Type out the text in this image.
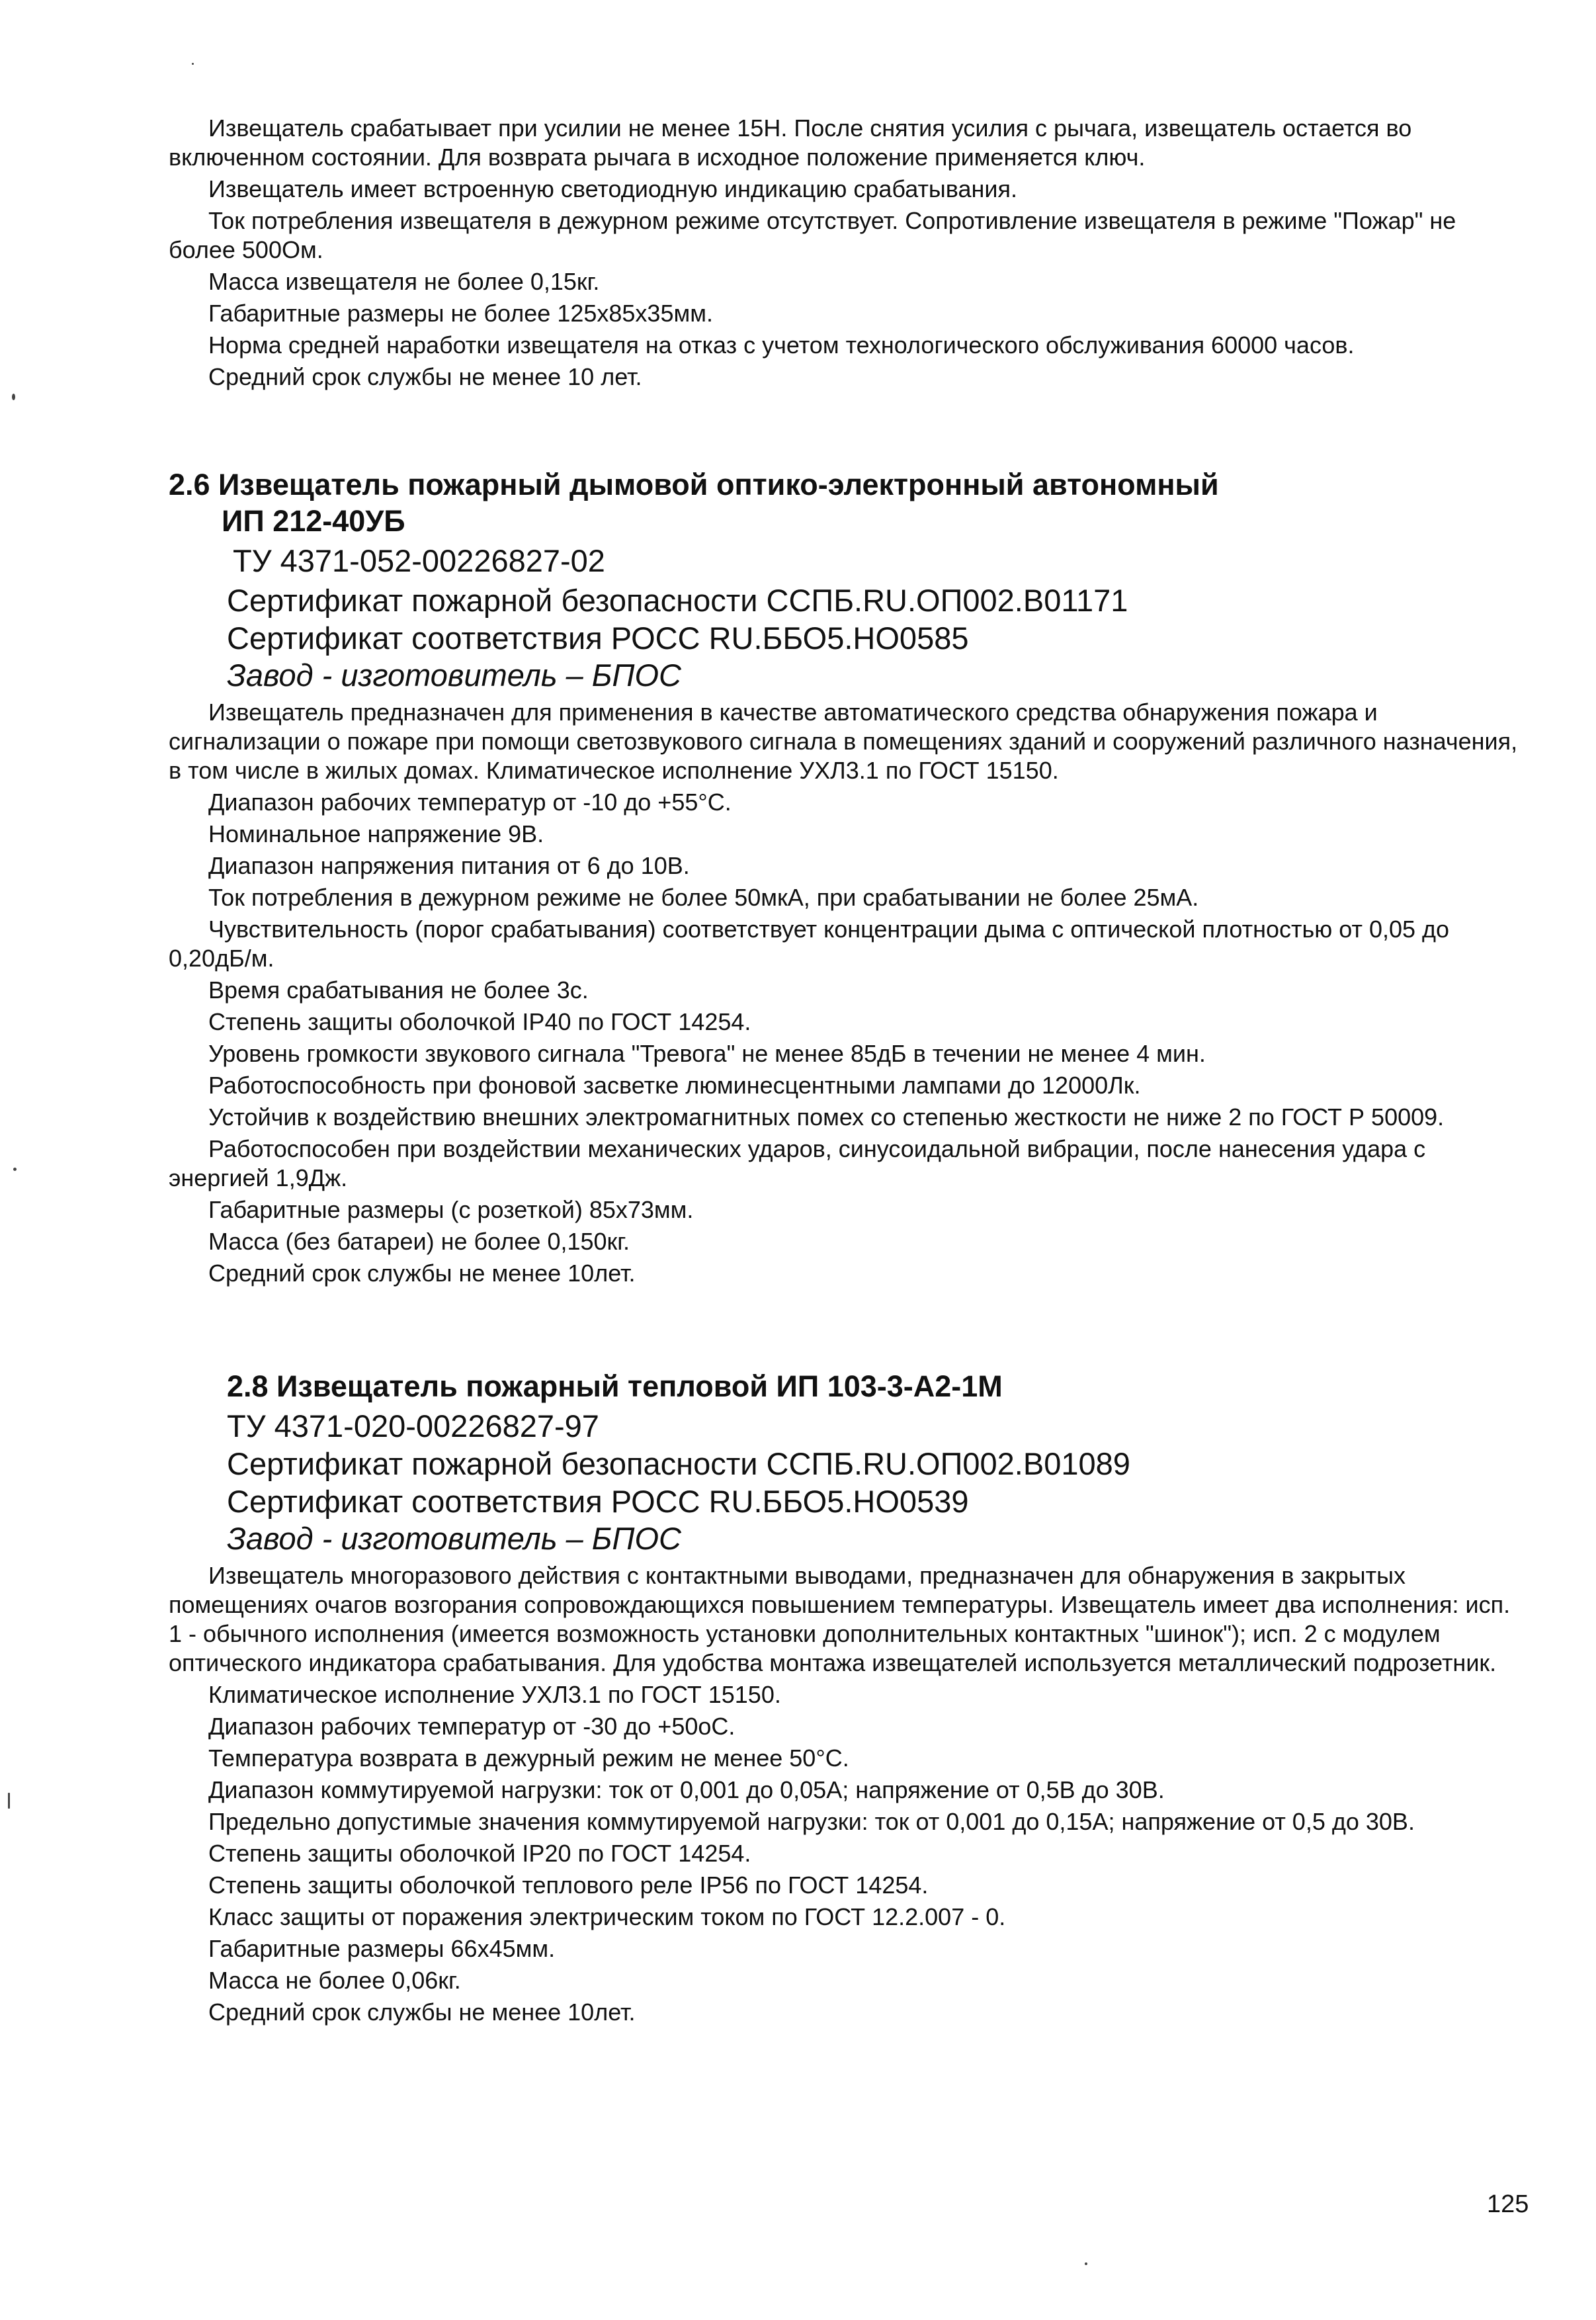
Извещатель срабатывает при усилии не менее 15Н. После снятия усилия с рычага, извещатель остается во включенном состоянии. Для возврата рычага в исходное положение применяется ключ.

Извещатель имеет встроенную светодиодную индикацию срабатывания.

Ток потребления извещателя в дежурном режиме отсутствует. Сопротивление извещателя в режиме "Пожар" не более 500Ом.

Масса извещателя не более 0,15кг.

Габаритные размеры не более 125х85х35мм.

Норма средней наработки извещателя на отказ с учетом технологического обслуживания 60000 часов.

Средний срок службы не менее 10 лет.

2.6 Извещатель пожарный дымовой оптико-электронный автономный
ИП 212-40УБ
ТУ 4371-052-00226827-02
Сертификат пожарной безопасности ССПБ.RU.ОП002.В01171
Сертификат соответствия РОСС RU.ББО5.НО0585
Завод - изготовитель – БПОС

Извещатель предназначен для применения в качестве автоматического средства обнаружения пожара и сигнализации о пожаре при помощи светозвукового сигнала в помещениях зданий и сооружений различного назначения, в том числе в жилых домах. Климатическое исполнение УХЛ3.1 по ГОСТ 15150.

Диапазон рабочих температур от -10 до +55°С.

Номинальное напряжение 9В.

Диапазон напряжения питания от 6 до 10В.

Ток потребления в дежурном режиме не более 50мкА, при срабатывании не более 25мА.

Чувствительность (порог срабатывания) соответствует концентрации дыма с оптической плотностью от 0,05 до 0,20дБ/м.

Время срабатывания не более 3с.

Степень защиты оболочкой IP40 по ГОСТ 14254.

Уровень громкости звукового сигнала "Тревога" не менее 85дБ в течении не менее 4 мин.

Работоспособность при фоновой засветке люминесцентными лампами до 12000Лк.

Устойчив к воздействию внешних электромагнитных помех со степенью жесткости не ниже 2 по ГОСТ Р 50009.

Работоспособен при воздействии механических ударов, синусоидальной вибрации, после нанесения удара с энергией 1,9Дж.

Габаритные размеры (с розеткой) 85х73мм.

Масса (без батареи) не более 0,150кг.

Средний срок службы не менее 10лет.

2.8 Извещатель пожарный тепловой ИП 103-3-А2-1М
ТУ 4371-020-00226827-97
Сертификат пожарной безопасности ССПБ.RU.ОП002.В01089
Сертификат соответствия РОСС RU.ББО5.НО0539
Завод - изготовитель – БПОС

Извещатель многоразового действия с контактными выводами, предназначен для обнаружения в закрытых помещениях очагов возгорания сопровождающихся повышением температуры. Извещатель имеет два исполнения: исп. 1 - обычного исполнения (имеется возможность установки дополнительных контактных "шинок"); исп. 2 с модулем оптического индикатора срабатывания. Для удобства монтажа извещателей используется металлический подрозетник.

Климатическое исполнение УХЛ3.1 по ГОСТ 15150.

Диапазон рабочих температур от -30 до +50оС.

Температура возврата в дежурный режим не менее 50°С.

Диапазон коммутируемой нагрузки: ток от 0,001 до 0,05А; напряжение от 0,5В до 30В.

Предельно допустимые значения коммутируемой нагрузки: ток от 0,001 до 0,15А; напряжение от 0,5 до 30В.

Степень защиты оболочкой IP20 по ГОСТ 14254.

Степень защиты оболочкой теплового реле IP56 по ГОСТ 14254.

Класс защиты от поражения электрическим током по ГОСТ 12.2.007 - 0.

Габаритные размеры 66х45мм.

Масса не более 0,06кг.

Средний срок службы не менее 10лет.

125
